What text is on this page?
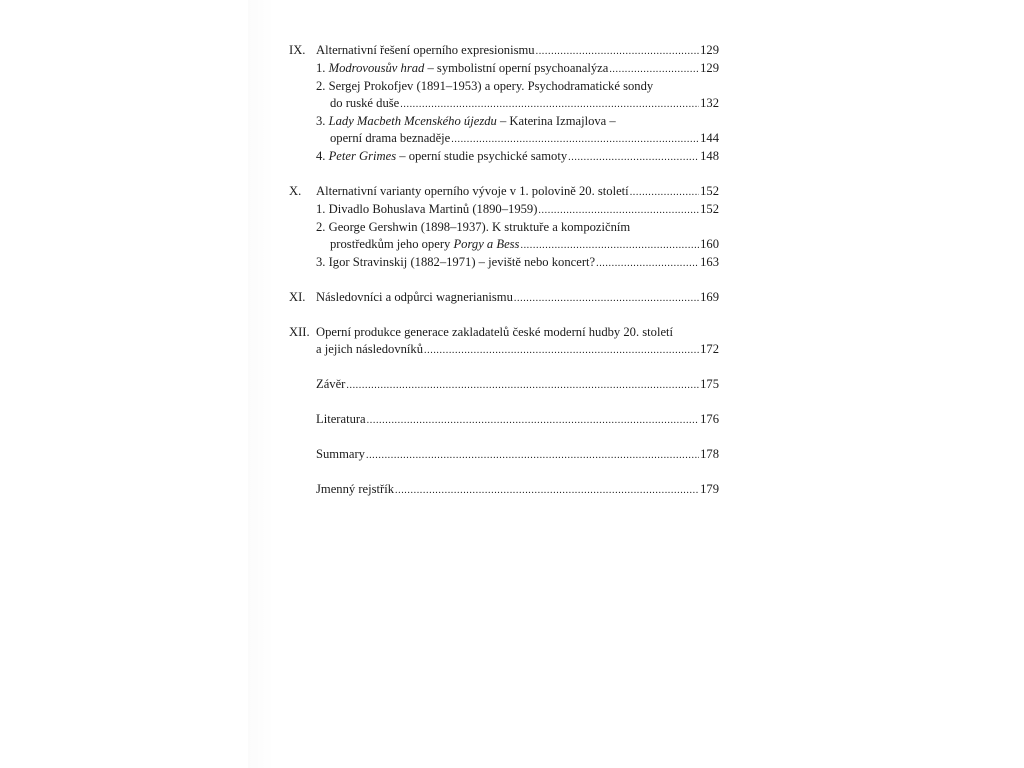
IX. Alternativní řešení operního expresionismu .....	129
1. Modrovousův hrad – symbolistní operní psychoanalýza .....	129
2. Sergej Prokofjev (1891–1953) a opery. Psychodramatické sondy
do ruské duše .....	132
3. Lady Macbeth Mcenského újezdu – Katerina Izmajlova –
operní drama beznaděje .....	144
4. Peter Grimes – operní studie psychické samoty .....	148
X.	Alternativní varianty operního vývoje v 1. polovině 20. století .....	152
1. Divadlo Bohuslava Martinů (1890–1959) .....	152
2. George Gershwin (1898–1937). K struktuře a kompozičním
prostředkům jeho opery Porgy a Bess .....	160
3. Igor Stravinskij (1882–1971) – jeviště nebo koncert? .....	163
XI. Následovníci a odpůrci wagnerianismu .....	169
XII. Operní produkce generace zakladatelů české moderní hudby 20. století
a jejich následovníků .....	172
Závěr .....	175
Literatura .....	176
Summary .....	178
Jmenný rejstřík .....	179
